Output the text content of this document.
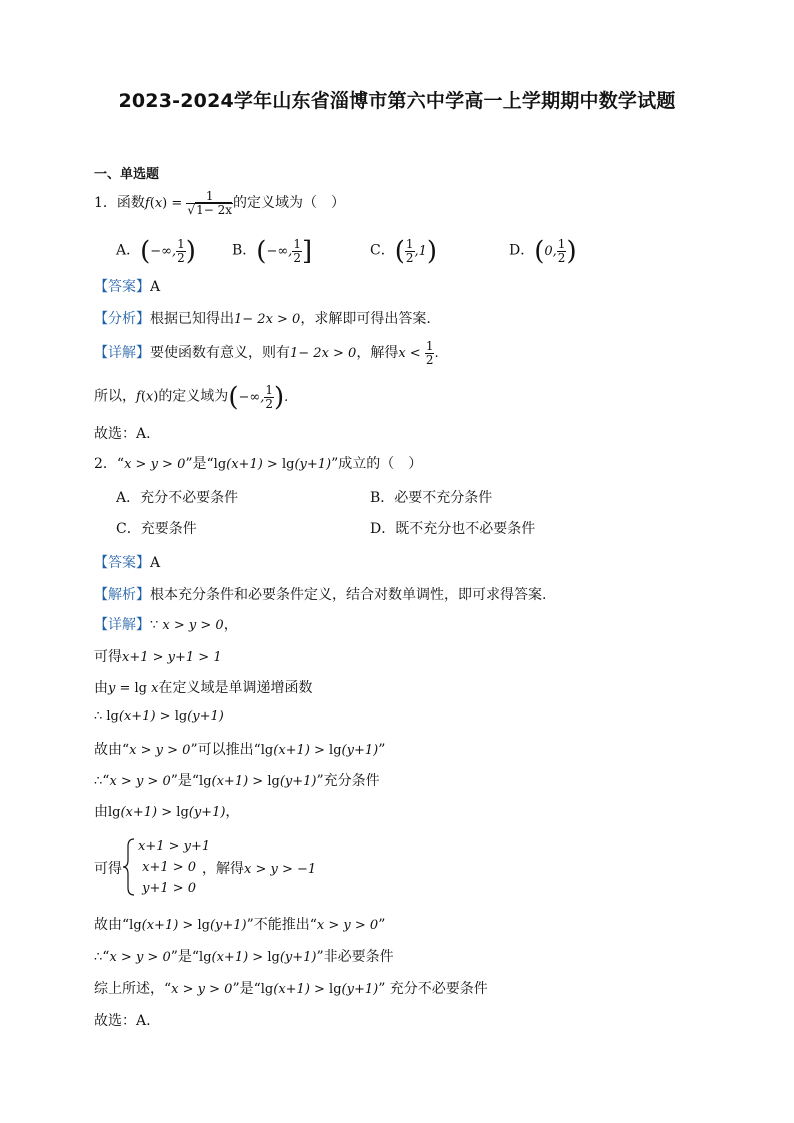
2023-2024学年山东省淄博市第六中学高一上学期期中数学试题
一、单选题
1．函数$f(x) = \frac{1}{√1- 2x}$ 的定义域为（　）
A．(−∞, $\frac{1}{2}$ )	B．(−∞, $\frac{1}{2}$ ]	C．( $\frac{1}{2} ,1$)	D．(0, $\frac{1}{2}$ )
【答案】A
【分析】根据已知得出1− 2x > 0，求解即可得出答案.
【详解】要使函数有意义，则有1− 2x > 0，解得$x < \frac{1}{2}$ .
所以，f(x)的定义域为(−∞, $\frac{1}{2}$ ).
故选：A.
2．“x > y > 0”是“lg(x+1) > lg(y+1)”成立的（　）
A．充分不必要条件	B．必要不充分条件
C．充要条件	D．既不充分也不必要条件
【答案】A
【解析】根本充分条件和必要条件定义，结合对数单调性，即可求得答案.
【详解】∵ x > y > 0，
可得x+1 > y+1 > 1
由y = lg x在定义域是单调递增函数
∴ lg(x+1) > lg(y+1)
故由“x > y > 0”可以推出“lg(x+1) > lg(y+1)”
∴“x > y > 0”是“lg(x+1) > lg(y+1)”充分条件
由lg(x+1) > lg(y+1)，
可得
x+1 > y+1
x+1 > 0
y+1 > 0
，解得x > y > −1
故由“lg(x+1) > lg(y+1)”不能推出“x > y > 0”
∴“x > y > 0”是“lg(x+1) > lg(y+1)”非必要条件
综上所述，“x > y > 0”是“lg(x+1) > lg(y+1)” 充分不必要条件
故选：A.
